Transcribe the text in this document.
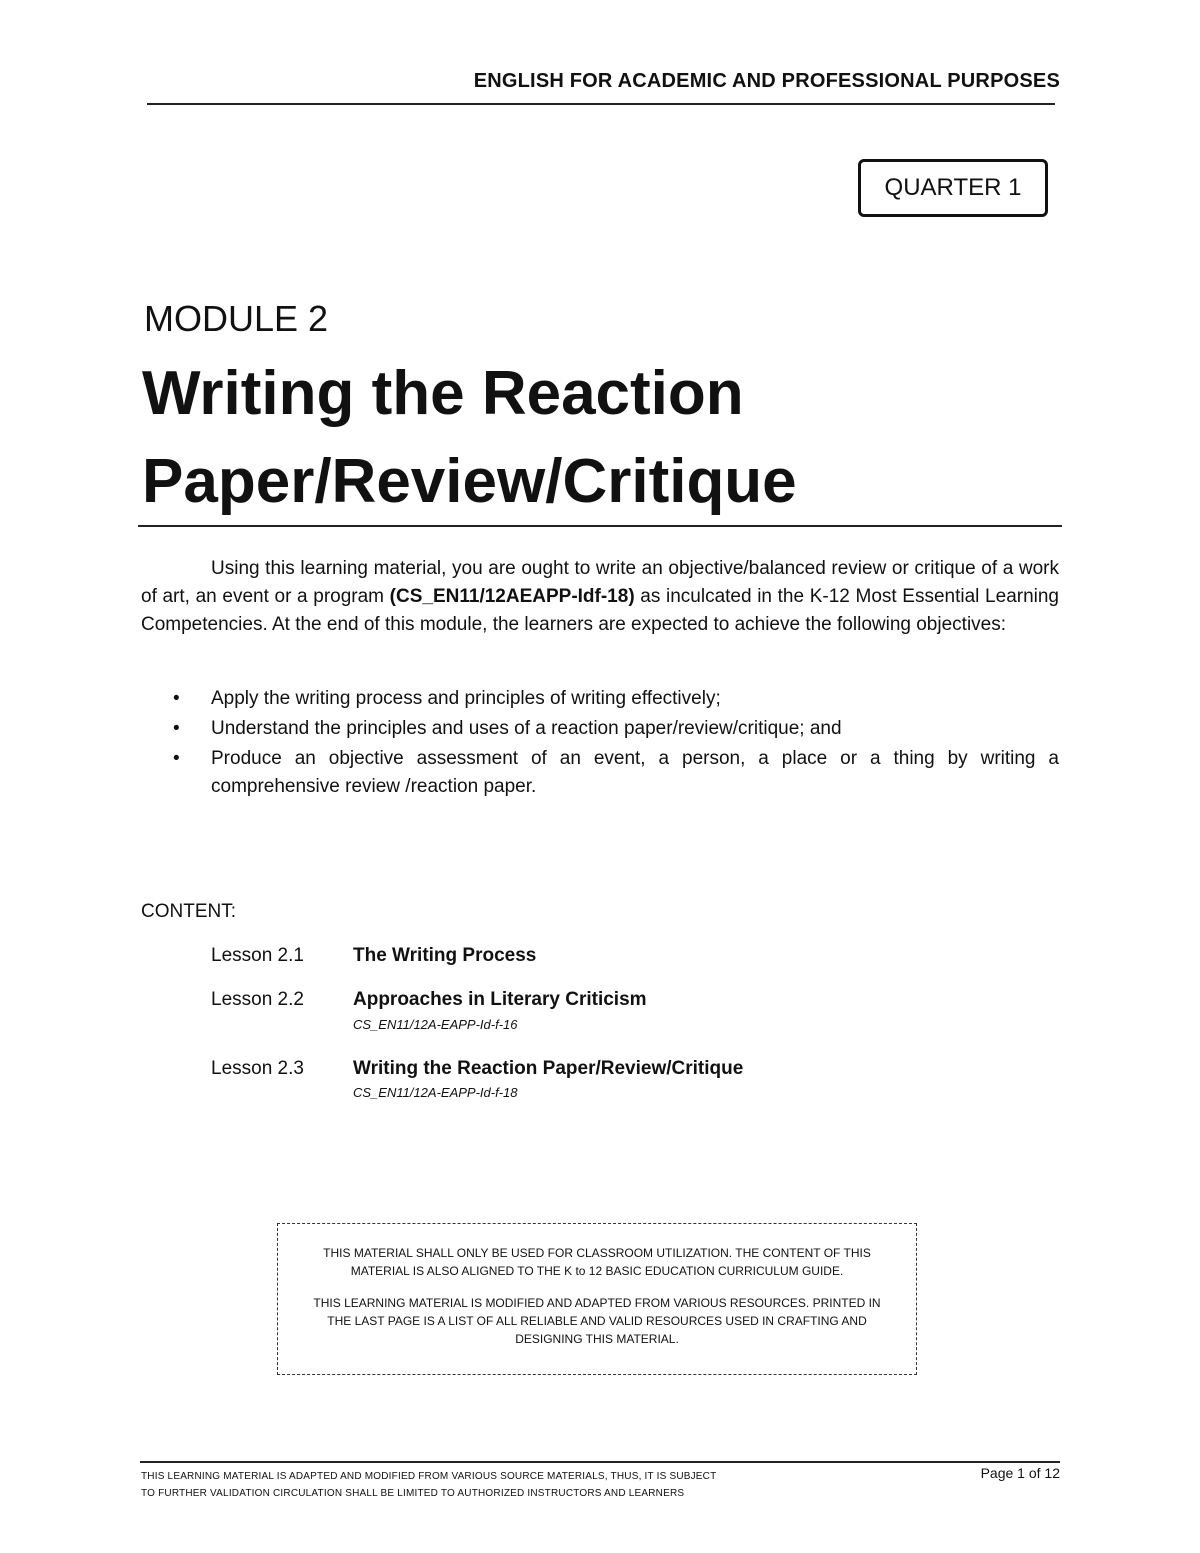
ENGLISH FOR ACADEMIC AND PROFESSIONAL PURPOSES
QUARTER 1
MODULE 2
Writing the Reaction Paper/Review/Critique

Using this learning material, you are ought to write an objective/balanced review or critique of a work of art, an event or a program (CS_EN11/12AEAPP-Idf-18) as inculcated in the K-12 Most Essential Learning Competencies. At the end of this module, the learners are expected to achieve the following objectives:

• Apply the writing process and principles of writing effectively;
• Understand the principles and uses of a reaction paper/review/critique; and
• Produce an objective assessment of an event, a person, a place or a thing by writing a comprehensive review /reaction paper.
CONTENT:
Lesson 2.1	The Writing Process
Lesson 2.2	Approaches in Literary Criticism
CS_EN11/12A-EAPP-Id-f-16
Lesson 2.3	Writing the Reaction Paper/Review/Critique
CS_EN11/12A-EAPP-Id-f-18

THIS MATERIAL SHALL ONLY BE USED FOR CLASSROOM UTILIZATION. THE CONTENT OF THIS MATERIAL IS ALSO ALIGNED TO THE K to 12 BASIC EDUCATION CURRICULUM GUIDE.

THIS LEARNING MATERIAL IS MODIFIED AND ADAPTED FROM VARIOUS RESOURCES. PRINTED IN THE LAST PAGE IS A LIST OF ALL RELIABLE AND VALID RESOURCES USED IN CRAFTING AND DESIGNING THIS MATERIAL.

THIS LEARNING MATERIAL IS ADAPTED AND MODIFIED FROM VARIOUS SOURCE MATERIALS, THUS, IT IS SUBJECT
TO FURTHER VALIDATION CIRCULATION SHALL BE LIMITED TO AUTHORIZED INSTRUCTORS AND LEARNERS
Page 1 of 12
